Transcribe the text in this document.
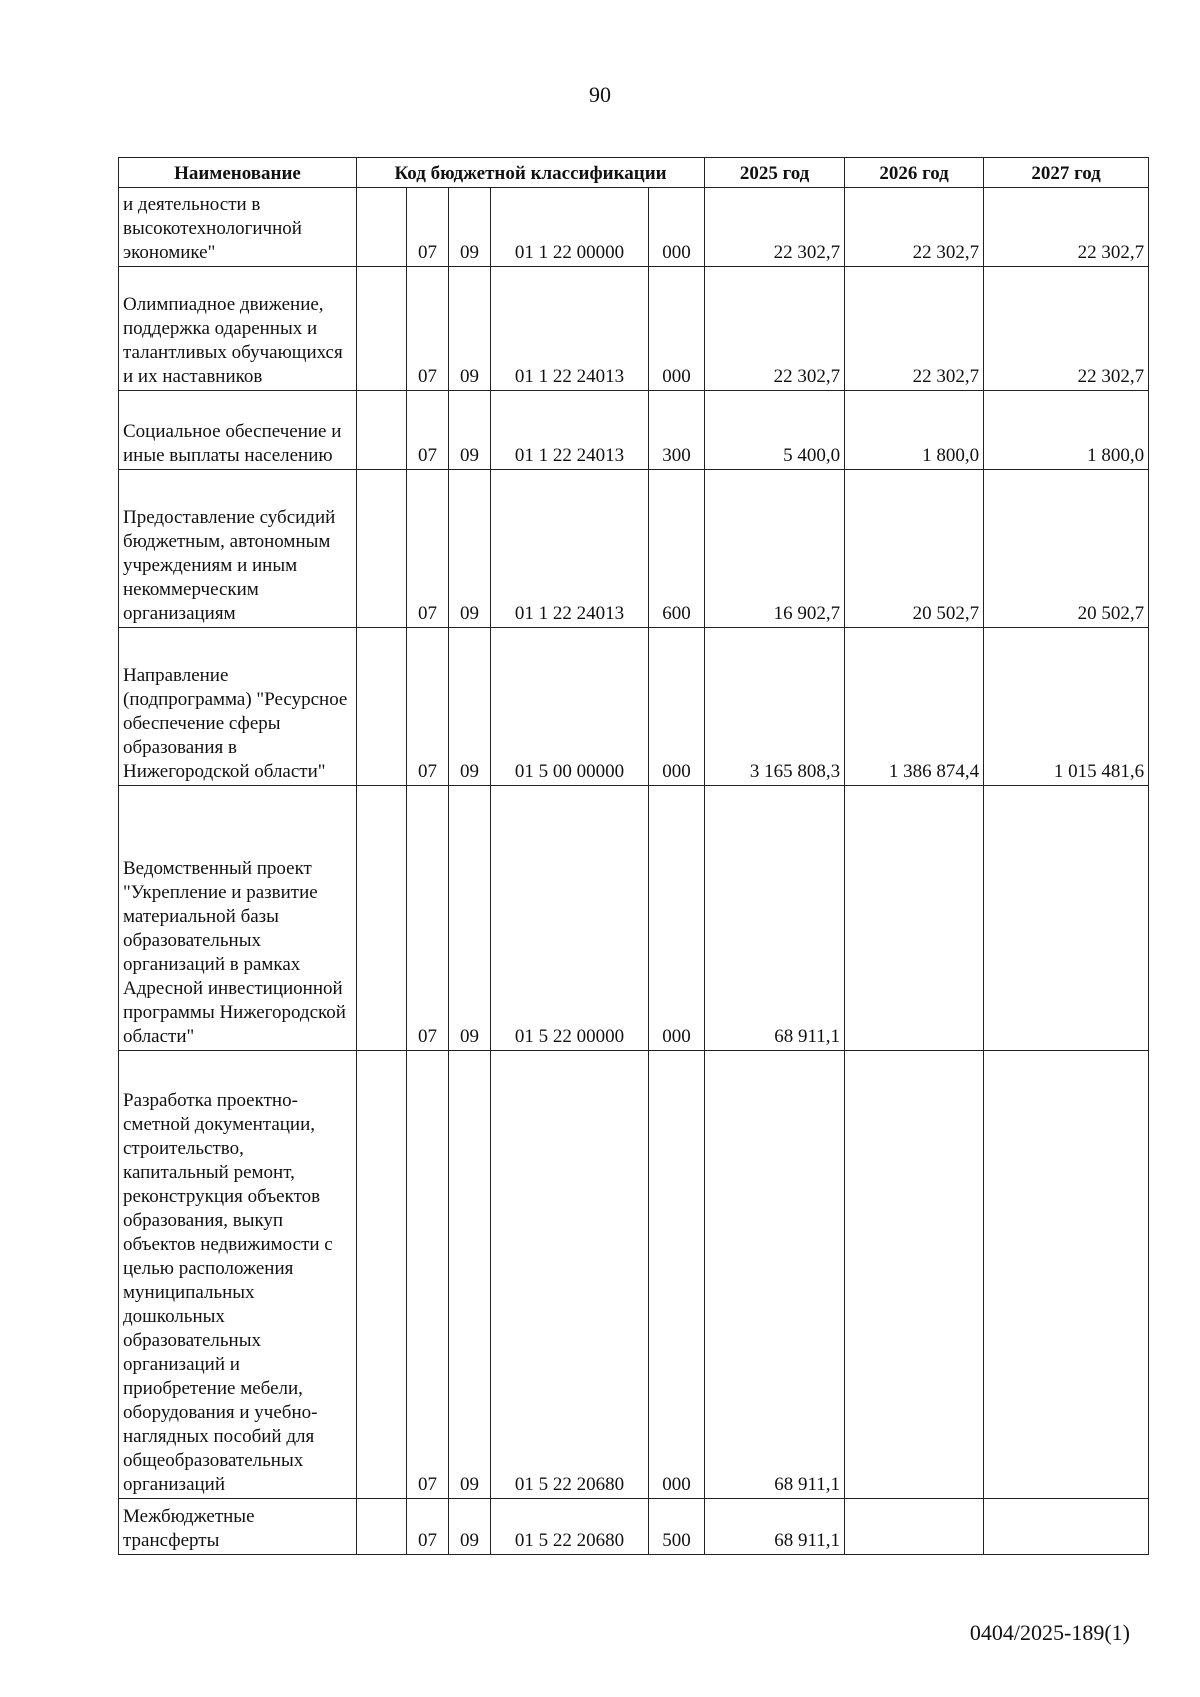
90
Наименование	Код бюджетной классификации					2025 год	2026 год	2027 год
и деятельности в высокотехнологичной экономике"		07	09	01 1 22 00000	000	22 302,7	22 302,7	22 302,7
Олимпиадное движение, поддержка одаренных и талантливых обучающихся и их наставников		07	09	01 1 22 24013	000	22 302,7	22 302,7	22 302,7
Социальное обеспечение и иные выплаты населению		07	09	01 1 22 24013	300	5 400,0	1 800,0	1 800,0
Предоставление субсидий бюджетным, автономным учреждениям и иным некоммерческим организациям		07	09	01 1 22 24013	600	16 902,7	20 502,7	20 502,7
Направление (подпрограмма) "Ресурсное обеспечение сферы образования в Нижегородской области"		07	09	01 5 00 00000	000	3 165 808,3	1 386 874,4	1 015 481,6
Ведомственный проект "Укрепление и развитие материальной базы образовательных организаций в рамках Адресной инвестиционной программы Нижегородской области"		07	09	01 5 22 00000	000	68 911,1		
Разработка проектно-сметной документации, строительство, капитальный ремонт, реконструкция объектов образования, выкуп объектов недвижимости с целью расположения муниципальных дошкольных образовательных организаций и приобретение мебели, оборудования и учебно-наглядных пособий для общеобразовательных организаций		07	09	01 5 22 20680	000	68 911,1		
Межбюджетные трансферты		07	09	01 5 22 20680	500	68 911,1		
0404/2025-189(1)
